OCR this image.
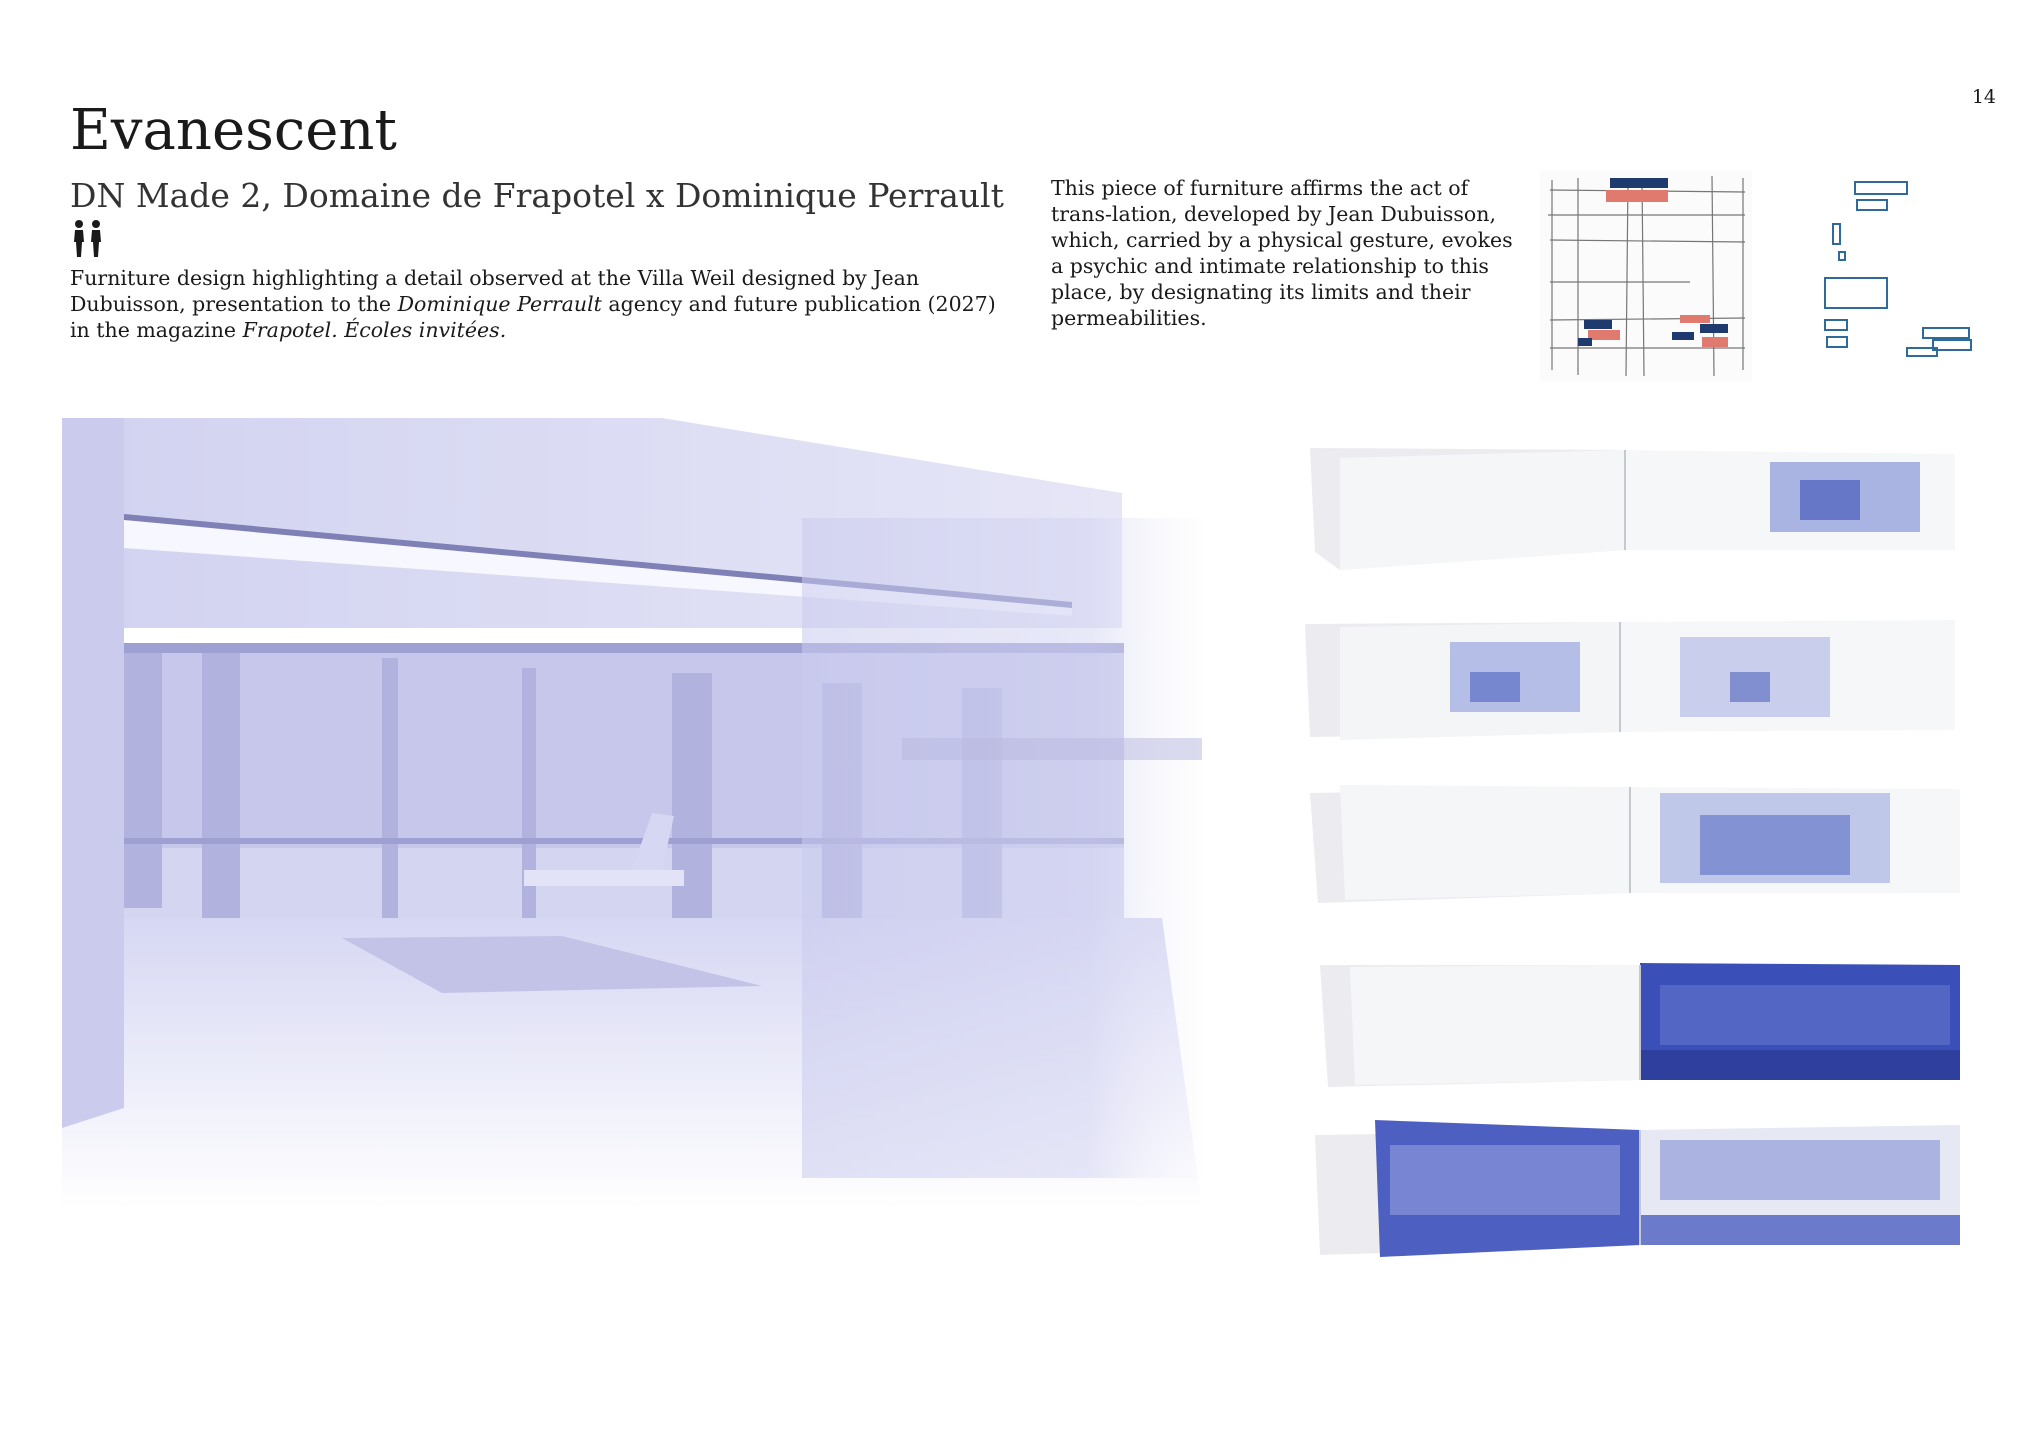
14
Evanescent
DN Made 2, Domaine de Frapotel x Dominique Perrault

Furniture design highlighting a detail observed at the Villa Weil designed by Jean Dubuisson, presentation to the Dominique Perrault agency and future publication (2027) in the magazine Frapotel. Écoles invitées.

This piece of furniture affirms the act of trans-lation, developed by Jean Dubuisson, which, carried by a physical gesture, evokes a psychic and intimate relationship to this place, by designating its limits and their permeabilities.
